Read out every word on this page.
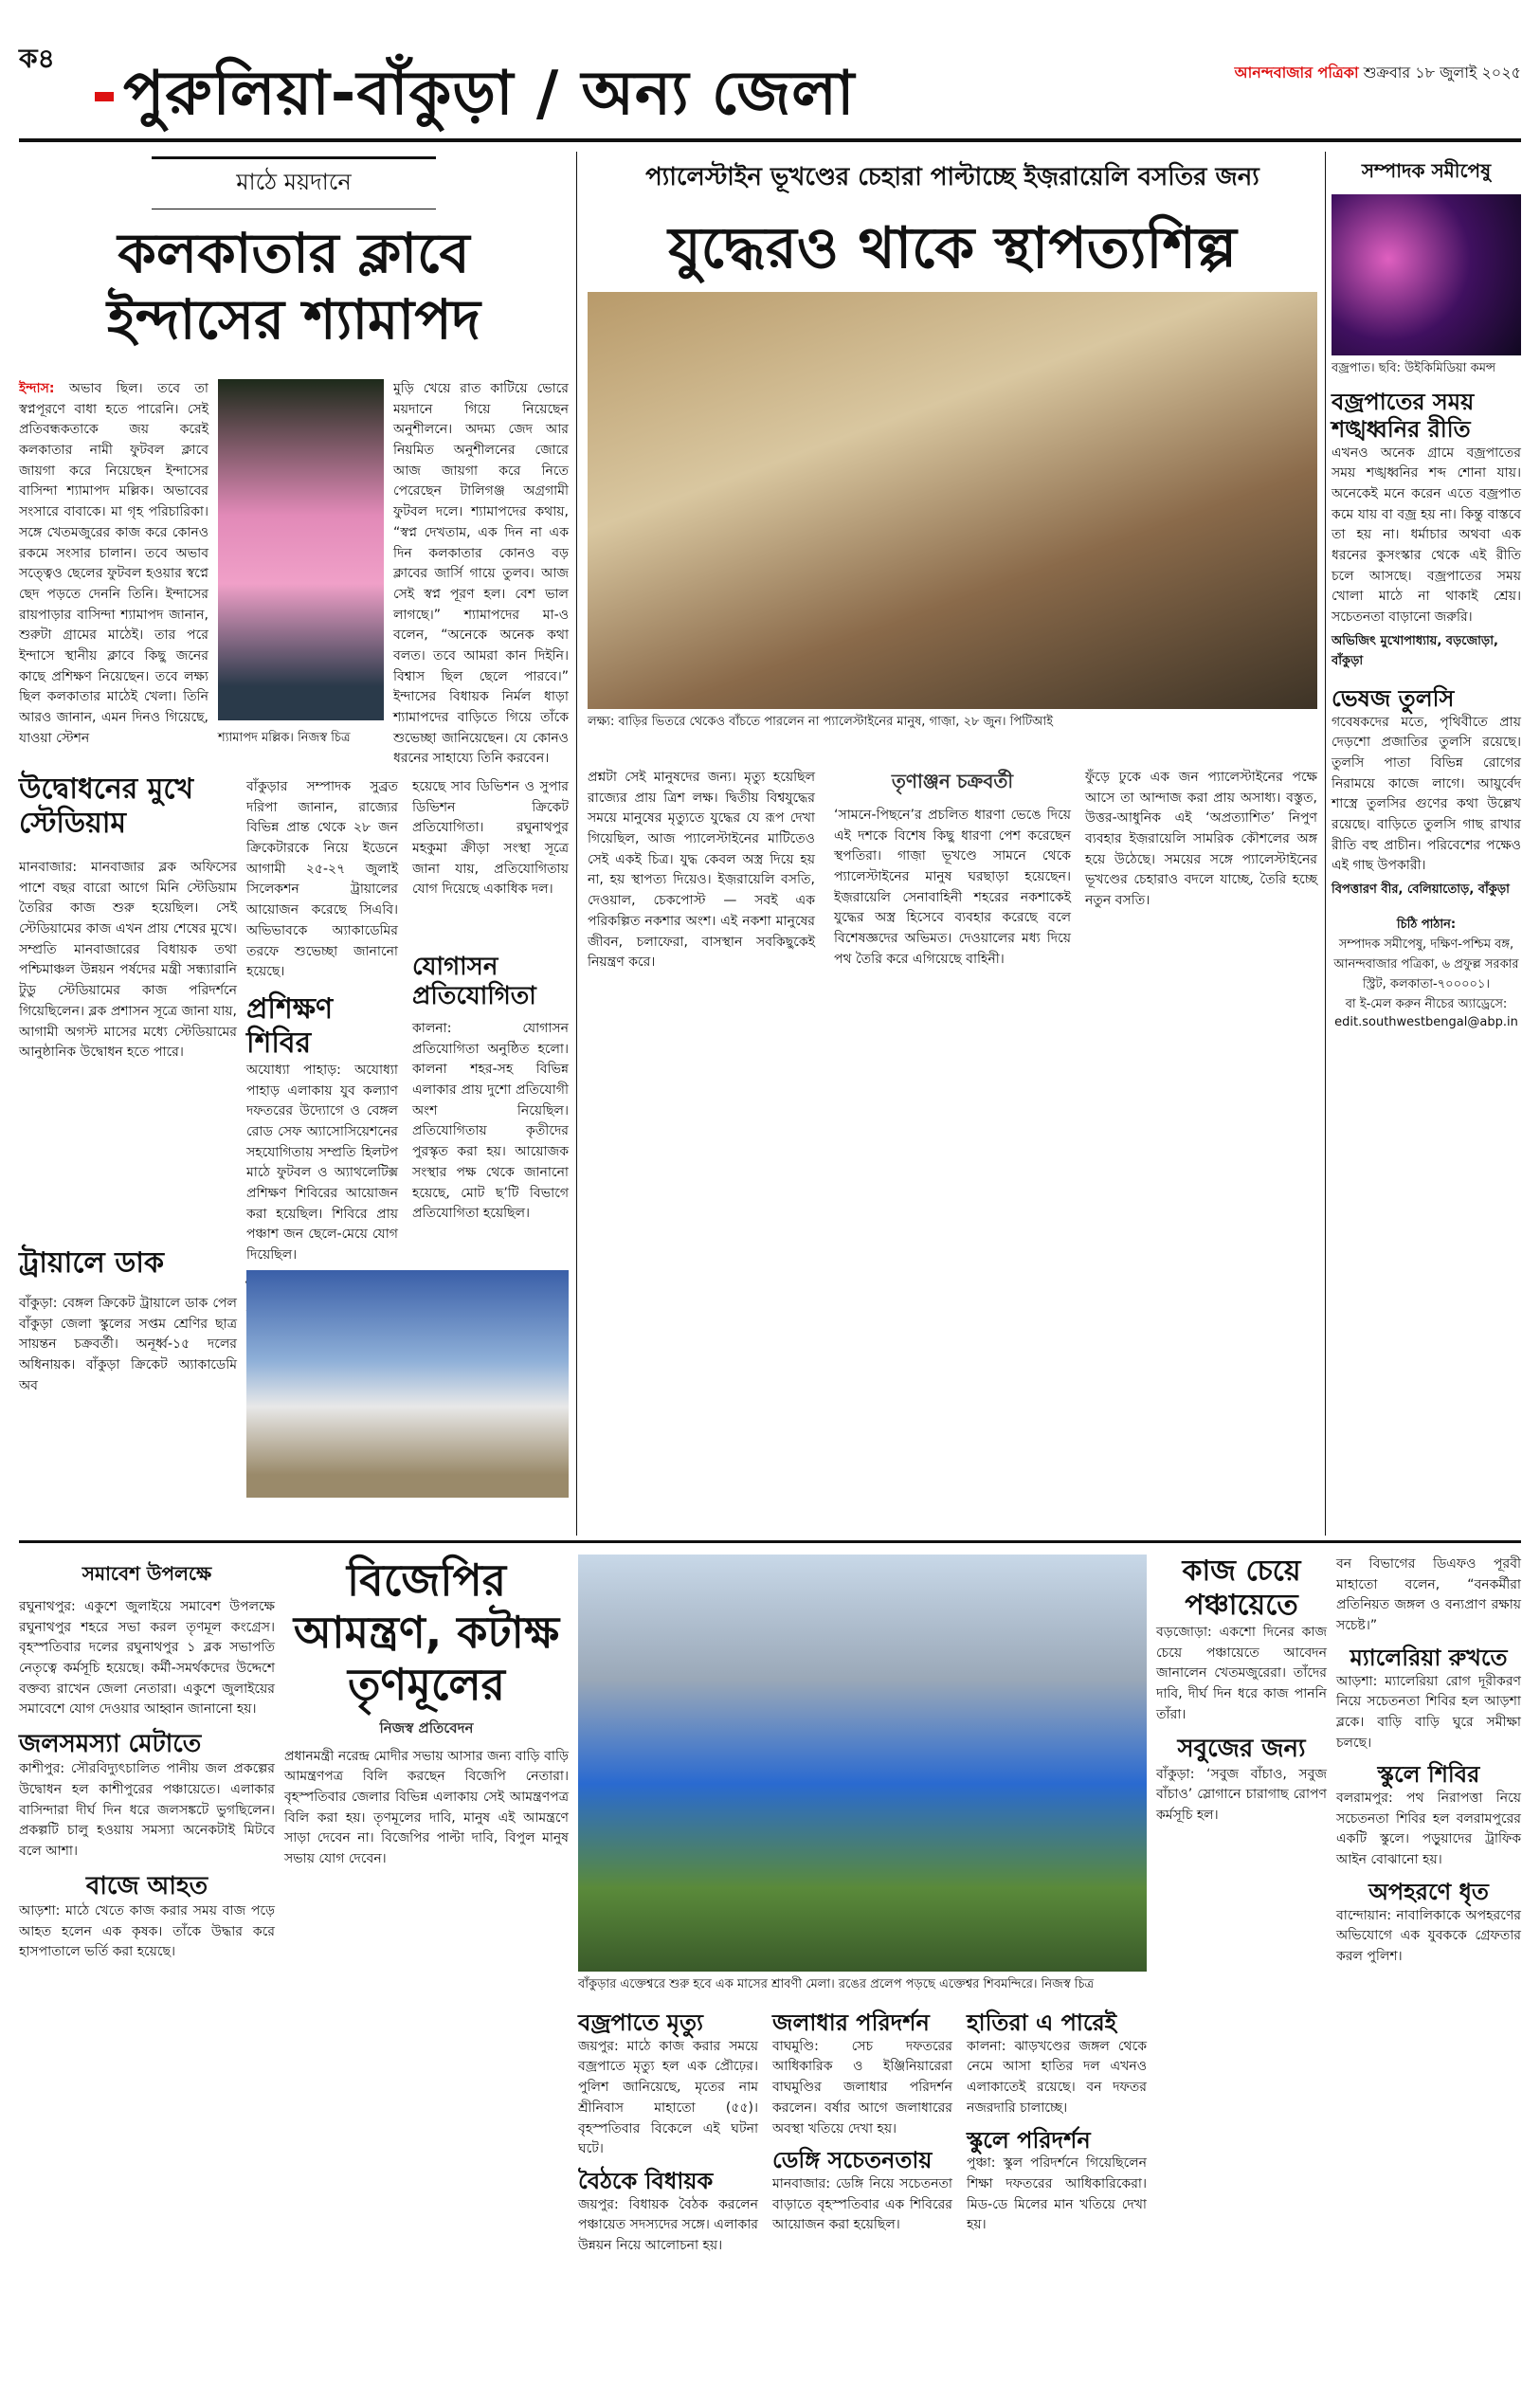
ক৪
পুরুলিয়া-বাঁকুড়া / অন্য জেলা	আনন্দবাজার পত্রিকা শুক্রবার ১৮ জুলাই ২০২৫
মাঠে ময়দানে
কলকাতার ক্লাবে ইন্দাসের শ্যামাপদ
ইন্দাস: অভাব ছিল। তবে তা স্বপ্নপূরণে বাধা হতে পারেনি। সেই প্রতিবন্ধকতাকে জয় করেই কলকাতার নামী ফুটবল ক্লাবে জায়গা করে নিয়েছেন ইন্দাসের বাসিন্দা শ্যামাপদ মল্লিক। অভাবের সংসারে বাবাকে। মা গৃহ পরিচারিকা। সঙ্গে খেতমজুরের কাজ করে কোনও রকমে সংসার চালান। তবে অভাব সত্ত্বেও ছেলের ফুটবল হওয়ার স্বপ্নে ছেদ পড়তে দেননি তিনি। ইন্দাসের রায়পাড়ার বাসিন্দা শ্যামাপদ জানান, শুরুটা গ্রামের মাঠেই। তার পরে ইন্দাসে স্থানীয় ক্লাবে কিছু জনের কাছে প্রশিক্ষণ নিয়েছেন। তবে লক্ষ্য ছিল কলকাতার মাঠেই খেলা। তিনি আরও জানান, এমন দিনও গিয়েছে, যাওয়া স্টেশন	শ্যামাপদ মল্লিক। নিজস্ব চিত্র
মুড়ি খেয়ে রাত কাটিয়ে ভোরে ময়দানে গিয়ে নিয়েছেন অনুশীলনে। অদম্য জেদ আর নিয়মিত অনুশীলনের জোরে আজ জায়গা করে নিতে পেরেছেন টালিগঞ্জ অগ্রগামী ফুটবল দলে। শ্যামাপদের কথায়, “স্বপ্ন দেখতাম, এক দিন না এক দিন কলকাতার কোনও বড় ক্লাবের জার্সি গায়ে তুলব। আজ সেই স্বপ্ন পূরণ হল। বেশ ভাল লাগছে।” শ্যামাপদের মা-ও বলেন, “অনেকে অনেক কথা বলত। তবে আমরা কান দিইনি। বিশ্বাস ছিল ছেলে পারবে।” ইন্দাসের বিধায়ক নির্মল ধাড়া শ্যামাপদের বাড়িতে গিয়ে তাঁকে শুভেচ্ছা জানিয়েছেন। যে কোনও ধরনের সাহায্যে তিনি করবেন।
উদ্বোধনের মুখে স্টেডিয়াম
মানবাজার: মানবাজার ব্লক অফিসের পাশে বছর বারো আগে মিনি স্টেডিয়াম তৈরির কাজ শুরু হয়েছিল। সেই স্টেডিয়ামের কাজ এখন প্রায় শেষের মুখে। সম্প্রতি মানবাজারের বিধায়ক তথা পশ্চিমাঞ্চল উন্নয়ন পর্ষদের মন্ত্রী সন্ধ্যারানি টুডু স্টেডিয়ামের কাজ পরিদর্শনে গিয়েছিলেন। ব্লক প্রশাসন সূত্রে জানা যায়, আগামী অগস্ট মাসের মধ্যে স্টেডিয়ামের আনুষ্ঠানিক উদ্বোধন হতে পারে।
ট্রায়ালে ডাক
বাঁকুড়া: বেঙ্গল ক্রিকেট ট্রায়ালে ডাক পেল বাঁকুড়া জেলা স্কুলের সপ্তম শ্রেণির ছাত্র সায়ন্তন চক্রবর্তী। অনূর্ধ্ব-১৫ দলের অধিনায়ক। বাঁকুড়া ক্রিকেট অ্যাকাডেমি অব
বাঁকুড়ার সম্পাদক সুব্রত দরিপা জানান, রাজ্যের বিভিন্ন প্রান্ত থেকে ২৮ জন ক্রিকেটারকে নিয়ে ইডেনে আগামী ২৫-২৭ জুলাই সিলেকশন ট্রায়ালের আয়োজন করেছে সিএবি। অভিভাবকে অ্যাকাডেমির তরফে শুভেচ্ছা জানানো হয়েছে।
প্রশিক্ষণ শিবির
অযোধ্যা পাহাড়: অযোধ্যা পাহাড় এলাকায় যুব কল্যাণ দফতরের উদ্যোগে ও বেঙ্গল রোড সেফ অ্যাসোসিয়েশনের সহযোগিতায় সম্প্রতি হিলটপ মাঠে ফুটবল ও অ্যাথলেটিক্স প্রশিক্ষণ শিবিরের আয়োজন করা হয়েছিল। শিবিরে প্রায় পঞ্চাশ জন ছেলে-মেয়ে যোগ দিয়েছিল।
হয়েছে সাব ডিভিশন ও সুপার ডিভিশন ক্রিকেট প্রতিযোগিতা। রঘুনাথপুর মহকুমা ক্রীড়া সংস্থা সূত্রে জানা যায়, প্রতিযোগিতায় যোগ দিয়েছে একাধিক দল।
যোগাসন প্রতিযোগিতা
কালনা: যোগাসন প্রতিযোগিতা অনুষ্ঠিত হলো। কালনা শহর-সহ বিভিন্ন এলাকার প্রায় দুশো প্রতিযোগী অংশ নিয়েছিল। প্রতিযোগিতায় কৃতীদের পুরস্কৃত করা হয়। আয়োজক সংস্থার পক্ষ থেকে জানানো হয়েছে, মোট ছ’টি বিভাগে প্রতিযোগিতা হয়েছিল।
প্যালেস্টাইন ভূখণ্ডের চেহারা পাল্টাচ্ছে ইজ়রায়েলি বসতির জন্য
যুদ্ধেরও থাকে স্থাপত্যশিল্প
লক্ষ্য: বাড়ির ভিতরে থেকেও বাঁচতে পারলেন না প্যালেস্টাইনের মানুষ, গাজ়া, ২৮ জুন। পিটিআই
প্রশ্নটা সেই মানুষদের জন্য। মৃত্যু হয়েছিল রাজ্যের প্রায় ত্রিশ লক্ষ। দ্বিতীয় বিশ্বযুদ্ধের সময়ে মানুষের মৃত্যুতে যুদ্ধের যে রূপ দেখা গিয়েছিল, আজ প্যালেস্টাইনের মাটিতেও সেই একই চিত্র। যুদ্ধ কেবল অস্ত্র দিয়ে হয় না, হয় স্থাপত্য দিয়েও। ইজ়রায়েলি বসতি, দেওয়াল, চেকপোস্ট — সবই এক পরিকল্পিত নকশার অংশ। এই নকশা মানুষের জীবন, চলাফেরা, বাসস্থান সবকিছুকেই নিয়ন্ত্রণ করে।
তৃণাঞ্জন চক্রবর্তী
‘সামনে-পিছনে’র প্রচলিত ধারণা ভেঙে দিয়ে এই দশকে বিশেষ কিছু ধারণা পেশ করেছেন স্থপতিরা। গাজ়া ভূখণ্ডে সামনে থেকে প্যালেস্টাইনের মানুষ ঘরছাড়া হয়েছেন। ইজ়রায়েলি সেনাবাহিনী শহরের নকশাকেই যুদ্ধের অস্ত্র হিসেবে ব্যবহার করেছে বলে বিশেষজ্ঞদের অভিমত। দেওয়ালের মধ্য দিয়ে পথ তৈরি করে এগিয়েছে বাহিনী।
ফুঁড়ে ঢুকে এক জন প্যালেস্টাইনের পক্ষে আসে তা আন্দাজ করা প্রায় অসাধ্য। বস্তুত, উত্তর-আধুনিক এই ‘অপ্রত্যাশিত’ নিপুণ ব্যবহার ইজ়রায়েলি সামরিক কৌশলের অঙ্গ হয়ে উঠেছে। সময়ের সঙ্গে প্যালেস্টাইনের ভূখণ্ডের চেহারাও বদলে যাচ্ছে, তৈরি হচ্ছে নতুন বসতি।
সম্পাদক সমীপেষু
বজ্রপাত। ছবি: উইকিমিডিয়া কমন্স
বজ্রপাতের সময় শঙ্খধ্বনির রীতি
এখনও অনেক গ্রামে বজ্রপাতের সময় শঙ্খধ্বনির শব্দ শোনা যায়। অনেকেই মনে করেন এতে বজ্রপাত কমে যায় বা বজ্র হয় না। কিন্তু বাস্তবে তা হয় না। ধর্মাচার অথবা এক ধরনের কুসংস্কার থেকে এই রীতি চলে আসছে। বজ্রপাতের সময় খোলা মাঠে না থাকাই শ্রেয়। সচেতনতা বাড়ানো জরুরি।
অভিজিৎ মুখোপাধ্যায়, বড়জোড়া, বাঁকুড়া
ভেষজ তুলসি
গবেষকদের মতে, পৃথিবীতে প্রায় দেড়শো প্রজাতির তুলসি রয়েছে। তুলসি পাতা বিভিন্ন রোগের নিরাময়ে কাজে লাগে। আয়ুর্বেদ শাস্ত্রে তুলসির গুণের কথা উল্লেখ রয়েছে। বাড়িতে তুলসি গাছ রাখার রীতি বহু প্রাচীন। পরিবেশের পক্ষেও এই গাছ উপকারী।
বিপত্তারণ বীর, বেলিয়াতোড়, বাঁকুড়া
চিঠি পাঠান:
সম্পাদক সমীপেষু, দক্ষিণ-পশ্চিম বঙ্গ, আনন্দবাজার পত্রিকা, ৬ প্রফুল্ল সরকার স্ট্রিট, কলকাতা-৭০০০০১।
বা ই-মেল করুন নীচের অ্যাড্রেসে: edit.southwestbengal@abp.in
সমাবেশ উপলক্ষে
রঘুনাথপুর: একুশে জুলাইয়ে সমাবেশ উপলক্ষে রঘুনাথপুর শহরে সভা করল তৃণমূল কংগ্রেস। বৃহস্পতিবার দলের রঘুনাথপুর ১ ব্লক সভাপতি নেতৃত্বে কর্মসূচি হয়েছে। কর্মী-সমর্থকদের উদ্দেশে বক্তব্য রাখেন জেলা নেতারা। একুশে জুলাইয়ের সমাবেশে যোগ দেওয়ার আহ্বান জানানো হয়।
জলসমস্যা মেটাতে
কাশীপুর: সৌরবিদ্যুৎচালিত পানীয় জল প্রকল্পের উদ্বোধন হল কাশীপুরের পঞ্চায়েতে। এলাকার বাসিন্দারা দীর্ঘ দিন ধরে জলসঙ্কটে ভুগছিলেন। প্রকল্পটি চালু হওয়ায় সমস্যা অনেকটাই মিটবে বলে আশা।
বাজে আহত
আড়শা: মাঠে খেতে কাজ করার সময় বাজ পড়ে আহত হলেন এক কৃষক। তাঁকে উদ্ধার করে হাসপাতালে ভর্তি করা হয়েছে।
বিজেপির আমন্ত্রণ, কটাক্ষ তৃণমূলের
নিজস্ব প্রতিবেদন
প্রধানমন্ত্রী নরেন্দ্র মোদীর সভায় আসার জন্য বাড়ি বাড়ি আমন্ত্রণপত্র বিলি করছেন বিজেপি নেতারা। বৃহস্পতিবার জেলার বিভিন্ন এলাকায় সেই আমন্ত্রণপত্র বিলি করা হয়। তৃণমূলের দাবি, মানুষ এই আমন্ত্রণে সাড়া দেবেন না। বিজেপির পাল্টা দাবি, বিপুল মানুষ সভায় যোগ দেবেন।
বাঁকুড়ার এক্তেশ্বরে শুরু হবে এক মাসের শ্রাবণী মেলা। রঙের প্রলেপ পড়ছে এক্তেশ্বর শিবমন্দিরে। নিজস্ব চিত্র
বজ্রপাতে মৃত্যু
জয়পুর: মাঠে কাজ করার সময়ে বজ্রপাতে মৃত্যু হল এক প্রৌঢ়ের। পুলিশ জানিয়েছে, মৃতের নাম শ্রীনিবাস মাহাতো (৫৫)। বৃহস্পতিবার বিকেলে এই ঘটনা ঘটে।
বৈঠকে বিধায়ক
জয়পুর: বিধায়ক বৈঠক করলেন পঞ্চায়েত সদস্যদের সঙ্গে। এলাকার উন্নয়ন নিয়ে আলোচনা হয়।
জলাধার পরিদর্শন
বাঘমুণ্ডি: সেচ দফতরের আধিকারিক ও ইঞ্জিনিয়ারেরা বাঘমুণ্ডির জলাধার পরিদর্শন করলেন। বর্ষার আগে জলাধারের অবস্থা খতিয়ে দেখা হয়।
ডেঙ্গি সচেতনতায়
মানবাজার: ডেঙ্গি নিয়ে সচেতনতা বাড়াতে বৃহস্পতিবার এক শিবিরের আয়োজন করা হয়েছিল।
হাতিরা এ পারেই
কালনা: ঝাড়খণ্ডের জঙ্গল থেকে নেমে আসা হাতির দল এখনও এলাকাতেই রয়েছে। বন দফতর নজরদারি চালাচ্ছে।
স্কুলে পরিদর্শন
পুঞ্চা: স্কুল পরিদর্শনে গিয়েছিলেন শিক্ষা দফতরের আধিকারিকেরা। মিড-ডে মিলের মান খতিয়ে দেখা হয়।
কাজ চেয়ে পঞ্চায়েতে
বড়জোড়া: একশো দিনের কাজ চেয়ে পঞ্চায়েতে আবেদন জানালেন খেতমজুরেরা। তাঁদের দাবি, দীর্ঘ দিন ধরে কাজ পাননি তাঁরা।
সবুজের জন্য
বাঁকুড়া: ‘সবুজ বাঁচাও, সবুজ বাঁচাও’ স্লোগানে চারাগাছ রোপণ কর্মসূচি হল।
বন বিভাগের ডিএফও পূরবী মাহাতো বলেন, “বনকর্মীরা প্রতিনিয়ত জঙ্গল ও বন্যপ্রাণ রক্ষায় সচেষ্ট।”
ম্যালেরিয়া রুখতে
আড়শা: ম্যালেরিয়া রোগ দূরীকরণ নিয়ে সচেতনতা শিবির হল আড়শা ব্লকে। বাড়ি বাড়ি ঘুরে সমীক্ষা চলছে।
স্কুলে শিবির
বলরামপুর: পথ নিরাপত্তা নিয়ে সচেতনতা শিবির হল বলরামপুরের একটি স্কুলে। পড়ুয়াদের ট্রাফিক আইন বোঝানো হয়।
অপহরণে ধৃত
বান্দোয়ান: নাবালিকাকে অপহরণের অভিযোগে এক যুবককে গ্রেফতার করল পুলিশ।
